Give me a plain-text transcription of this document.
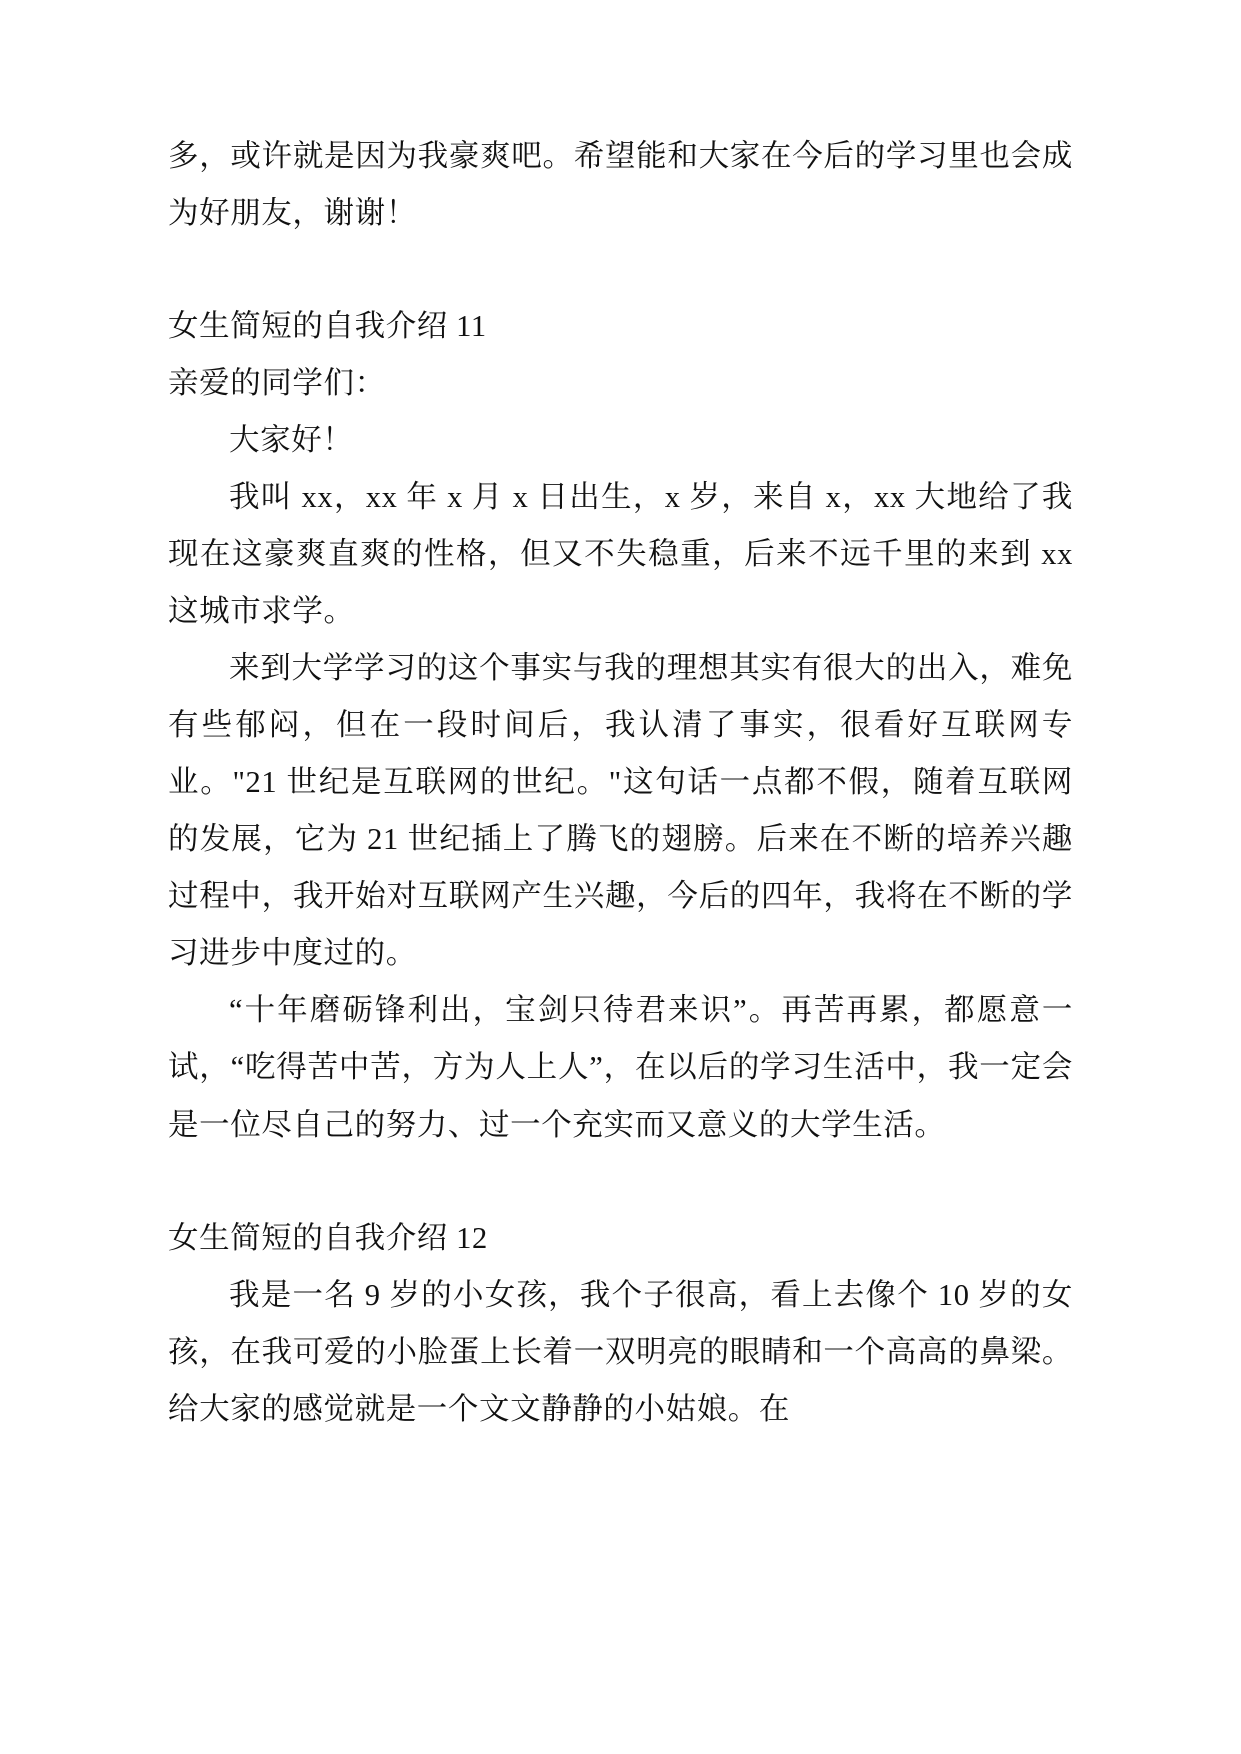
多，或许就是因为我豪爽吧。希望能和大家在今后的学习里也会成为好朋友，谢谢！

女生简短的自我介绍 11

亲爱的同学们：

大家好！

我叫 xx，xx 年 x 月 x 日出生，x 岁，来自 x，xx 大地给了我现在这豪爽直爽的性格，但又不失稳重，后来不远千里的来到 xx 这城市求学。

来到大学学习的这个事实与我的理想其实有很大的出入，难免有些郁闷，但在一段时间后，我认清了事实，很看好互联网专业。"21 世纪是互联网的世纪。"这句话一点都不假，随着互联网的发展，它为 21 世纪插上了腾飞的翅膀。后来在不断的培养兴趣过程中，我开始对互联网产生兴趣，今后的四年，我将在不断的学习进步中度过的。

“十年磨砺锋利出，宝剑只待君来识”。再苦再累，都愿意一试，“吃得苦中苦，方为人上人”，在以后的学习生活中，我一定会是一位尽自己的努力、过一个充实而又意义的大学生活。

女生简短的自我介绍 12

我是一名 9 岁的小女孩，我个子很高，看上去像个 10 岁的女孩，在我可爱的小脸蛋上长着一双明亮的眼睛和一个高高的鼻梁。给大家的感觉就是一个文文静静的小姑娘。在
